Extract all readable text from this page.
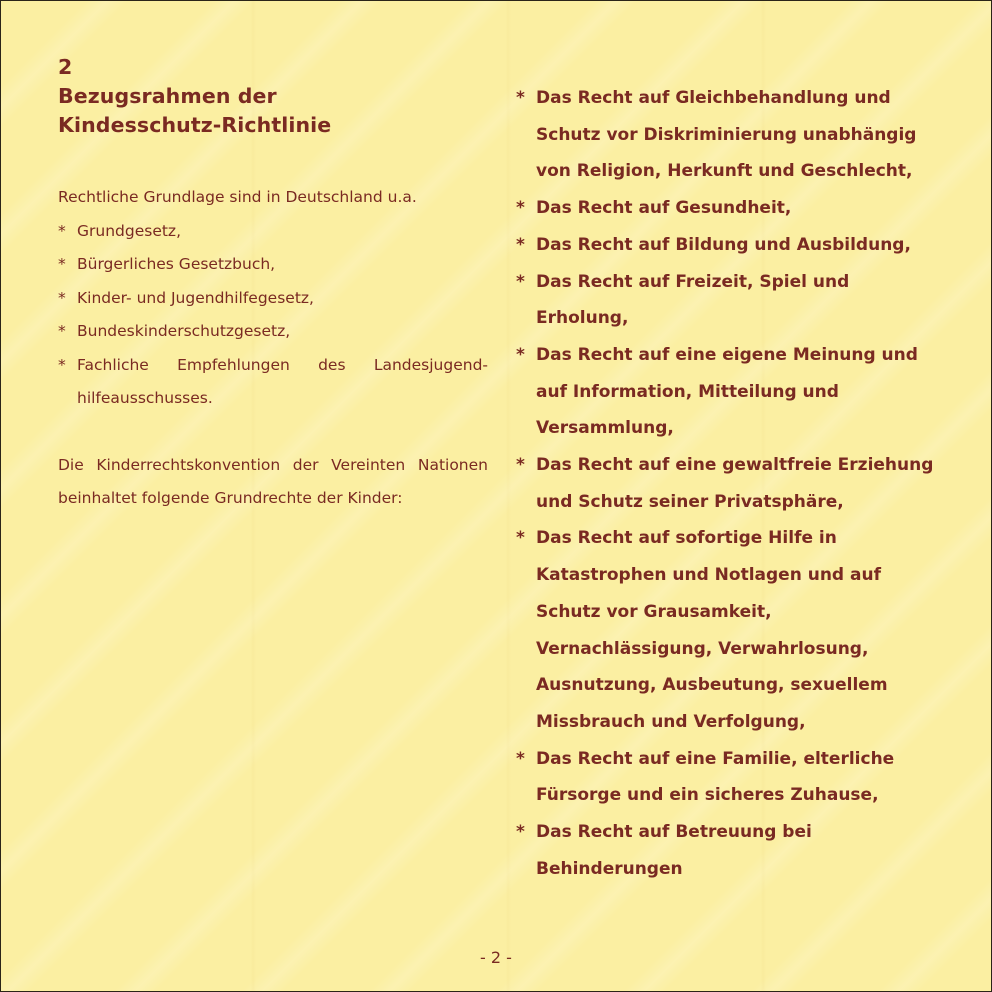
2
Bezugsrahmen der
Kindesschutz-Richtlinie
Rechtliche Grundlage sind in Deutschland u.a.
* Grundgesetz,
* Bürgerliches Gesetzbuch,
* Kinder- und Jugendhilfegesetz,
* Bundeskinderschutzgesetz,
* Fachliche Empfehlungen des Landesjugend-hilfeausschusses.
Die Kinderrechtskonvention der Vereinten Nationen beinhaltet folgende Grundrechte der Kinder:
* Das Recht auf Gleichbehandlung und Schutz vor Diskriminierung unabhängig von Religion, Herkunft und Geschlecht,
* Das Recht auf Gesundheit,
* Das Recht auf Bildung und Ausbildung,
* Das Recht auf Freizeit, Spiel und Erholung,
* Das Recht auf eine eigene Meinung und auf Information, Mitteilung und Versammlung,
* Das Recht auf eine gewaltfreie Erziehung und Schutz seiner Privatsphäre,
* Das Recht auf sofortige Hilfe in Katastrophen und Notlagen und auf Schutz vor Grausamkeit, Vernachlässigung, Verwahrlosung, Ausnutzung, Ausbeutung, sexuellem Missbrauch und Verfolgung,
* Das Recht auf eine Familie, elterliche Fürsorge und ein sicheres Zuhause,
* Das Recht auf Betreuung bei Behinderungen
- 2 -
